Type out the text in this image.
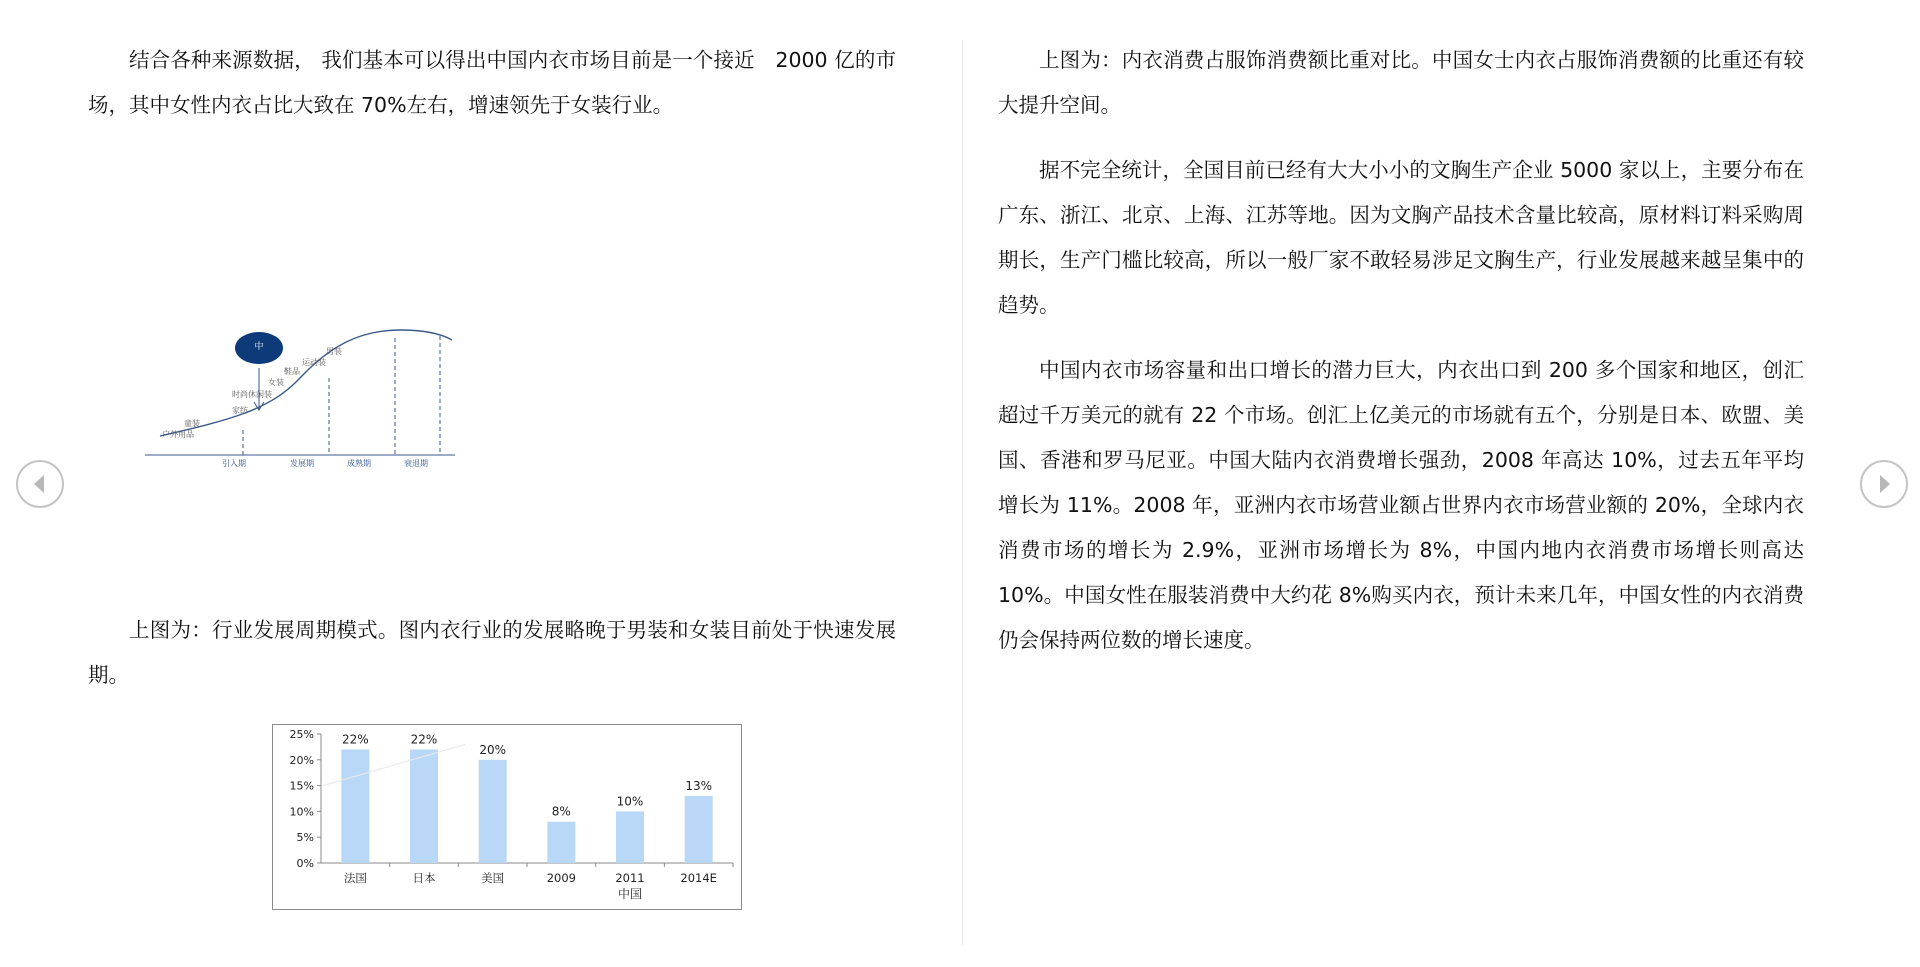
结合各种来源数据， 我们基本可以得出中国内衣市场目前是一个接近　2000 亿的市场，其中女性内衣占比大致在 70%左右，增速领先于女装行业。

中	男装
运动装
鞋品
女装
时尚休闲装
家纺
童装
户外用品
引入期	发展期	成熟期	衰退期

上图为：行业发展周期模式。图内衣行业的发展略晚于男装和女装目前处于快速发展期。

0%
5%
10%
15%
20%
25% 22%
法国
22%
日本
20%
美国
8%
2009
10%
2011
13%
2014E
中国

上图为：内衣消费占服饰消费额比重对比。中国女士内衣占服饰消费额的比重还有较大提升空间。

据不完全统计，全国目前已经有大大小小的文胸生产企业 5000 家以上，主要分布在广东、浙江、北京、上海、江苏等地。因为文胸产品技术含量比较高，原材料订料采购周期长，生产门槛比较高，所以一般厂家不敢轻易涉足文胸生产，行业发展越来越呈集中的趋势。

中国内衣市场容量和出口增长的潜力巨大，内衣出口到 200 多个国家和地区，创汇超过千万美元的就有 22 个市场。创汇上亿美元的市场就有五个，分别是日本、欧盟、美国、香港和罗马尼亚。中国大陆内衣消费增长强劲，2008 年高达 10%，过去五年平均增长为 11%。2008 年，亚洲内衣市场营业额占世界内衣市场营业额的 20%，全球内衣消费市场的增长为 2.9%，亚洲市场增长为 8%，中国内地内衣消费市场增长则高达 10%。中国女性在服装消费中大约花 8%购买内衣，预计未来几年，中国女性的内衣消费仍会保持两位数的增长速度。
